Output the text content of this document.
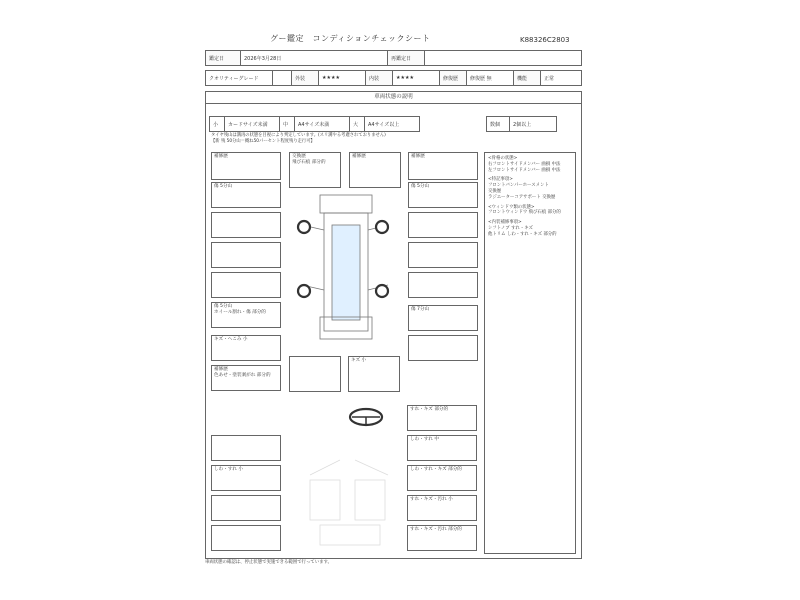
グー鑑定　コンディションチェックシート	K88326C2803
鑑定日	2026年3月28日	再鑑定日	
クオリティーグレード		外装	★★★★	内装	★★★★	修復歴	修復歴 無	機能	正常
車両状態の説明
小	カードサイズ未満	中	A4サイズ未満	大	A4サイズ以上	数個	2個以上
タイヤ残山は溝再の状態を目視により判定しています。(スリ溝やる考慮されておりません)
【新 残 50分山＝概ね50パーセント程度残り走行可】
補修歴
傷 5分山
傷 5分山
ホイール割れ・傷 部分的
キズ・へこみ 小
補修歴
色あせ・塗装剥がれ 部分的
交換歴
飛び石痕 部分的
補修歴	補修歴
傷 5分山
傷 7分山
キズ 小
しわ・すれ 小
すれ・キズ 部分的
しわ・すれ 中
しわ・すれ・キズ 部分的
すれ・キズ・汚れ 小
すれ・キズ・汚れ 部分的
<骨格の状態>
右フロントサイドメンバー 曲損 中法
左フロントサイドメンバー 曲損 中法
<特記事項>
フロントバンパーホースメント
交換歴
ラジエーターコアサポート 交換歴
<ウィンドウ類の状態>
フロントウィンドウ 飛び石痕 部分的
<内装補修事項>
シフトノブ すれ・キズ
他トリム しわ・すれ・キズ 部分的
車両状態の確認は、停止状態で実施できる範囲で行っています。
